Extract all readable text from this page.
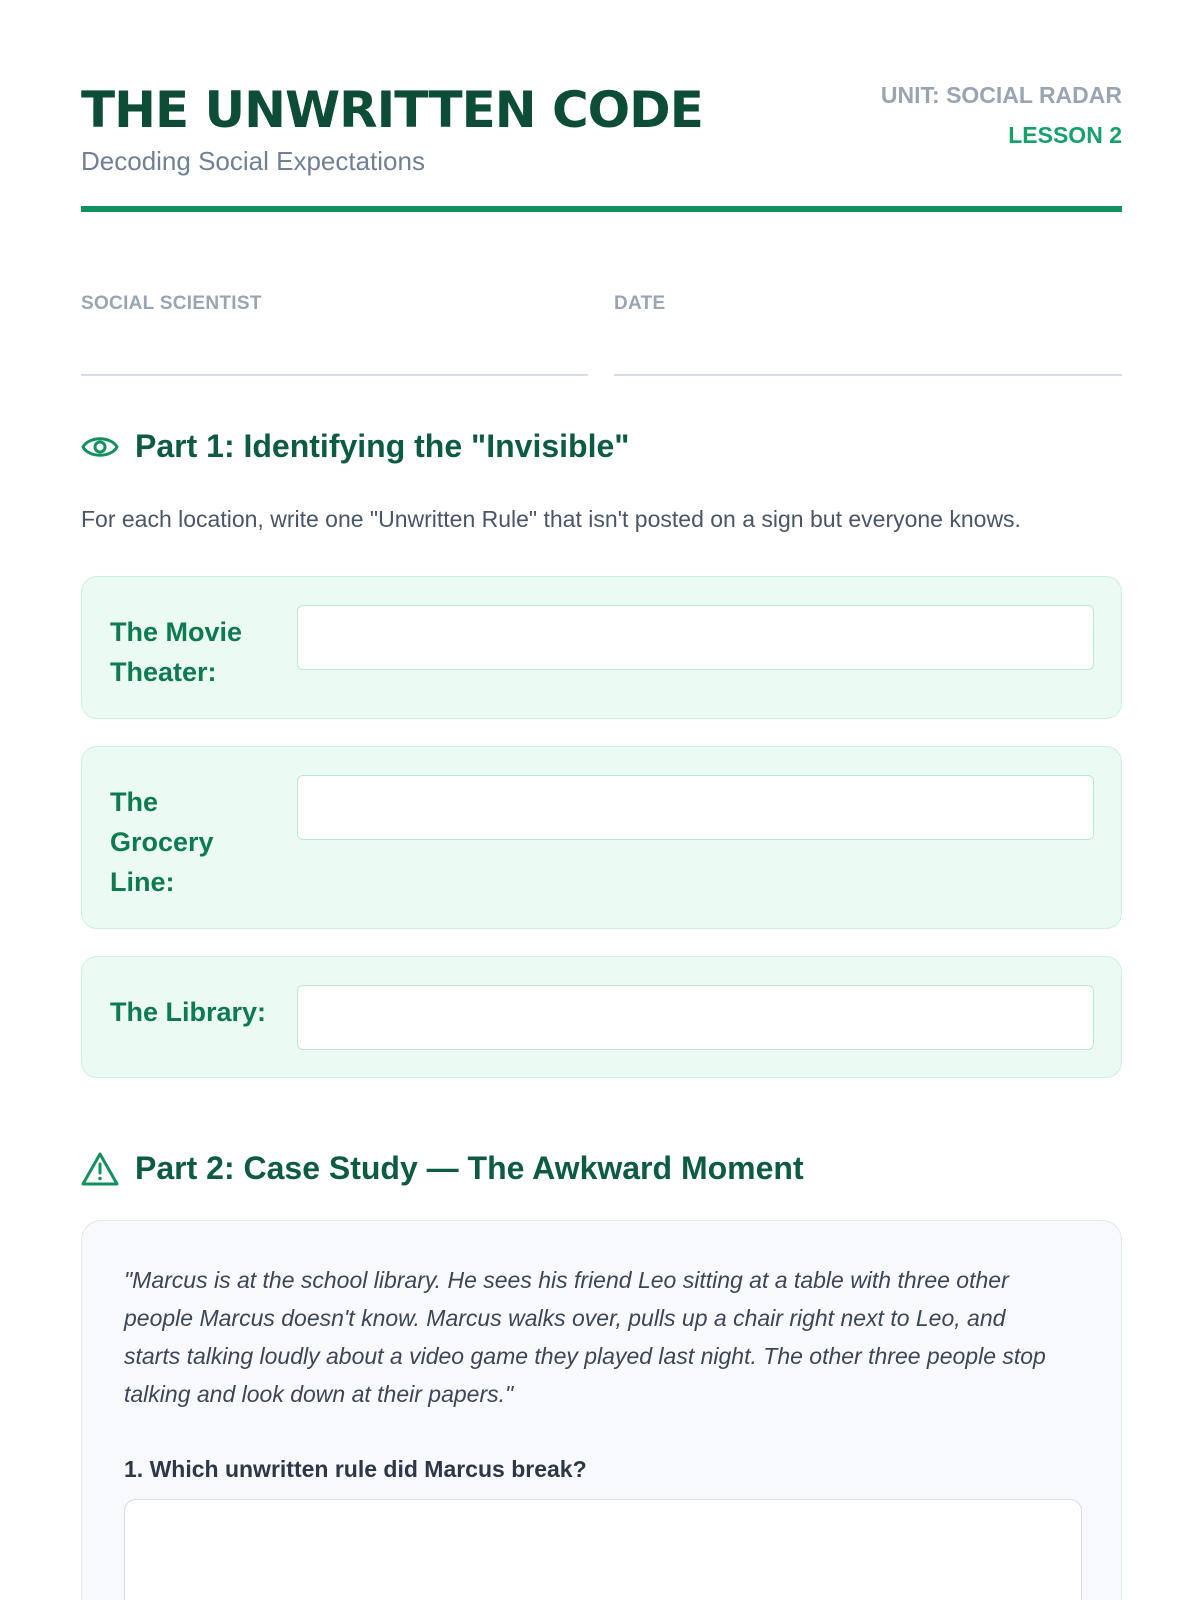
THE UNWRITTEN CODE
Decoding Social Expectations
UNIT: SOCIAL RADAR
LESSON 2
SOCIAL SCIENTIST	DATE
Part 1: Identifying the "Invisible"
For each location, write one "Unwritten Rule" that isn't posted on a sign but everyone knows.
The Movie Theater:
The Grocery Line:
The Library:
Part 2: Case Study — The Awkward Moment
"Marcus is at the school library. He sees his friend Leo sitting at a table with three other people Marcus doesn't know. Marcus walks over, pulls up a chair right next to Leo, and starts talking loudly about a video game they played last night. The other three people stop talking and look down at their papers."
1. Which unwritten rule did Marcus break?
